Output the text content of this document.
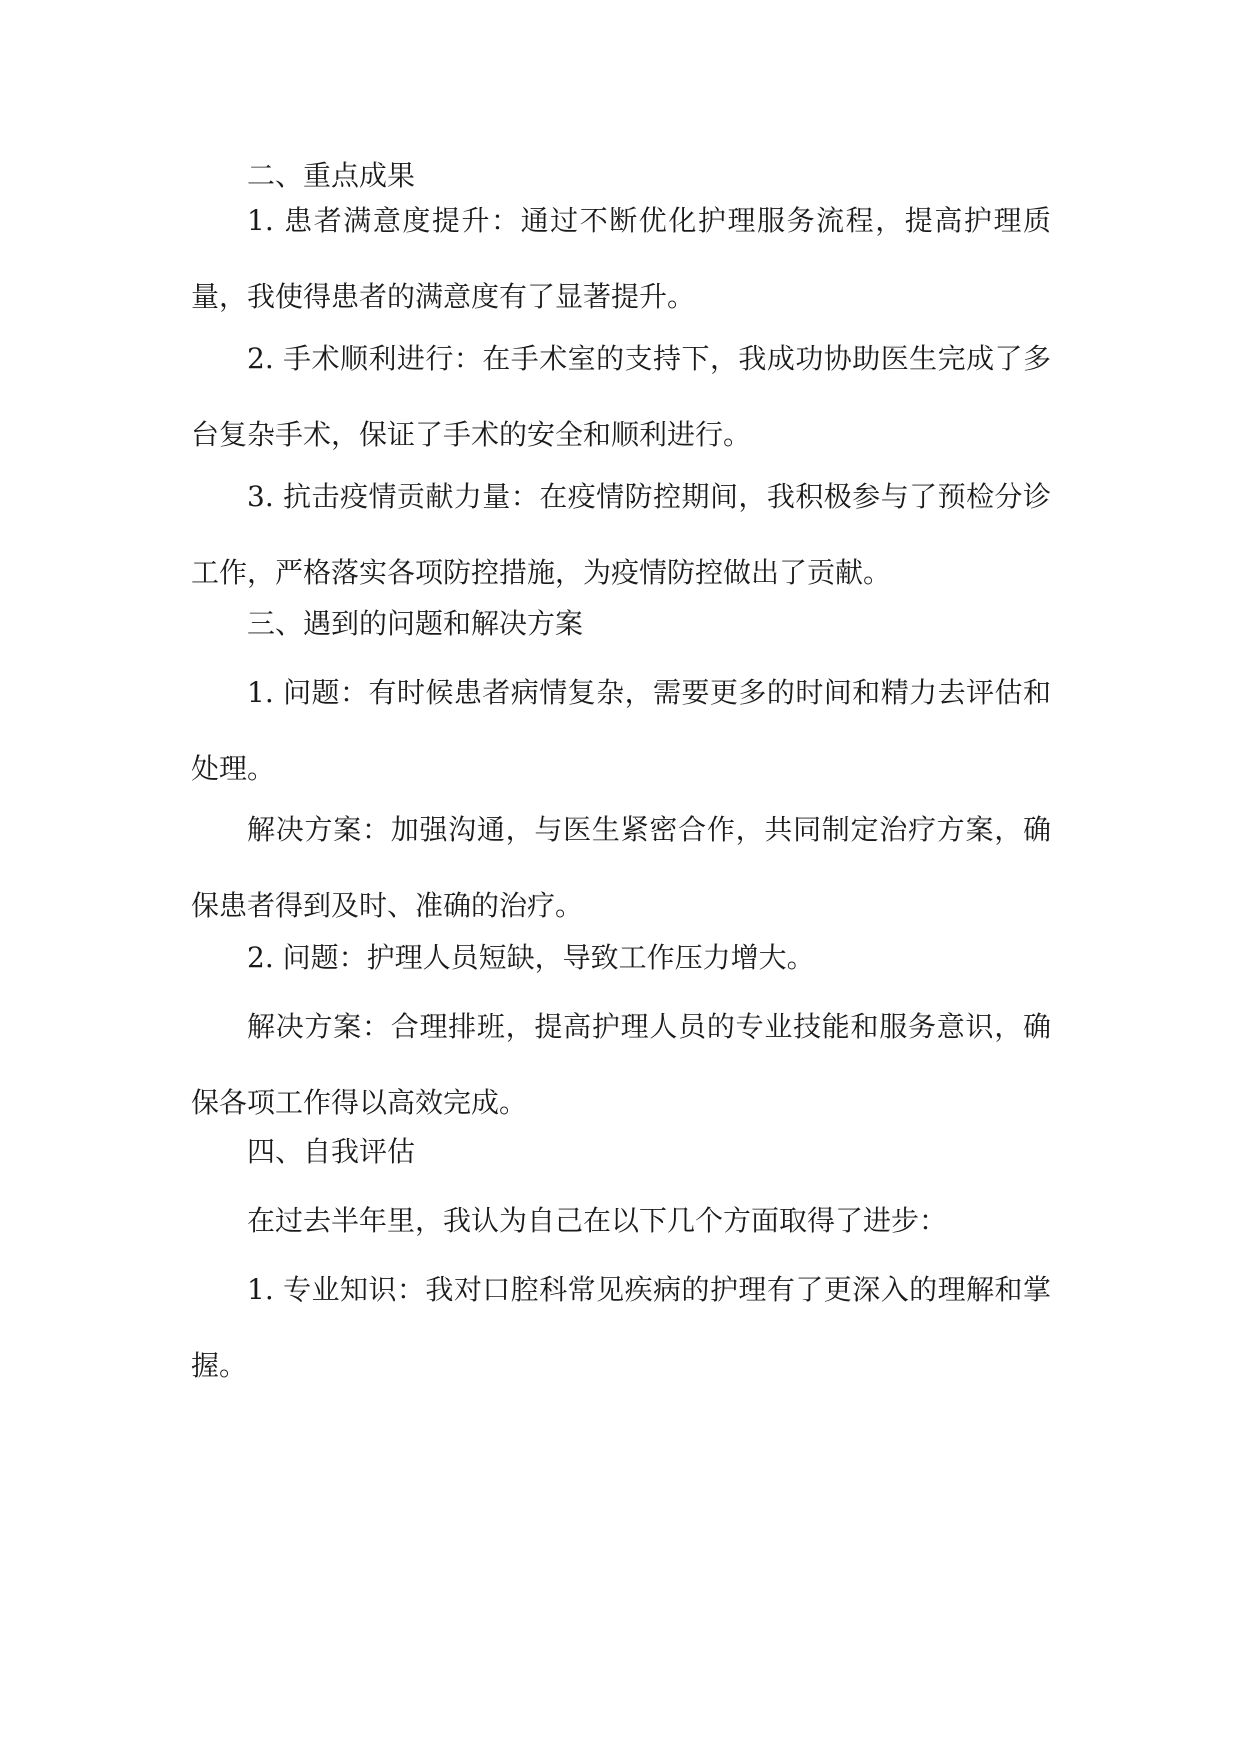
二、重点成果

1. 患者满意度提升：通过不断优化护理服务流程，提高护理质量，我使得患者的满意度有了显著提升。

2. 手术顺利进行：在手术室的支持下，我成功协助医生完成了多台复杂手术，保证了手术的安全和顺利进行。

3. 抗击疫情贡献力量：在疫情防控期间，我积极参与了预检分诊工作，严格落实各项防控措施，为疫情防控做出了贡献。

三、遇到的问题和解决方案

1. 问题：有时候患者病情复杂，需要更多的时间和精力去评估和处理。

解决方案：加强沟通，与医生紧密合作，共同制定治疗方案，确保患者得到及时、准确的治疗。

2. 问题：护理人员短缺，导致工作压力增大。

解决方案：合理排班，提高护理人员的专业技能和服务意识，确保各项工作得以高效完成。

四、自我评估

在过去半年里，我认为自己在以下几个方面取得了进步：

1. 专业知识：我对口腔科常见疾病的护理有了更深入的理解和掌握。
